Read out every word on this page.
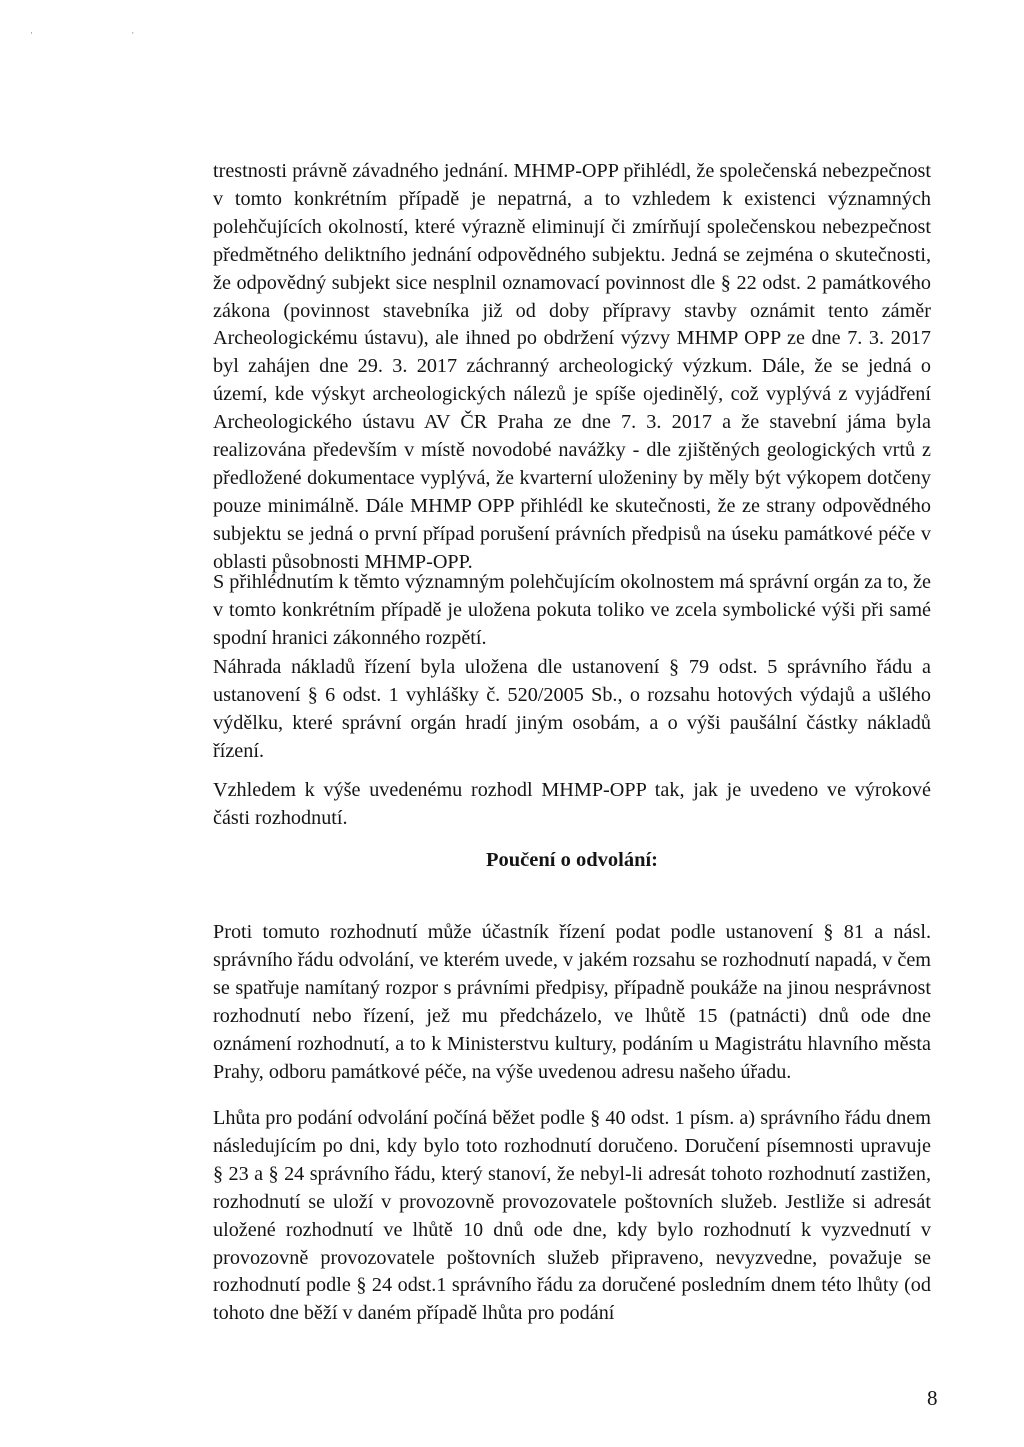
· ·

trestnosti právně závadného jednání. MHMP-OPP přihlédl, že společenská nebezpečnost v tomto konkrétním případě je nepatrná, a to vzhledem k existenci významných polehčujících okolností, které výrazně eliminují či zmírňují společenskou nebezpečnost předmětného deliktního jednání odpovědného subjektu. Jedná se zejména o skutečnosti, že odpovědný subjekt sice nesplnil oznamovací povinnost dle § 22 odst. 2 památkového zákona (povinnost stavebníka již od doby přípravy stavby oznámit tento záměr Archeologickému ústavu), ale ihned po obdržení výzvy MHMP OPP ze dne 7. 3. 2017 byl zahájen dne 29. 3. 2017 záchranný archeologický výzkum. Dále, že se jedná o území, kde výskyt archeologických nálezů je spíše ojedinělý, což vyplývá z vyjádření Archeologického ústavu AV ČR Praha ze dne 7. 3. 2017 a že stavební jáma byla realizována především v místě novodobé navážky - dle zjištěných geologických vrtů z předložené dokumentace vyplývá, že kvarterní uloženiny by měly být výkopem dotčeny pouze minimálně. Dále MHMP OPP přihlédl ke skutečnosti, že ze strany odpovědného subjektu se jedná o první případ porušení právních předpisů na úseku památkové péče v oblasti působnosti MHMP-OPP.

S přihlédnutím k těmto významným polehčujícím okolnostem má správní orgán za to, že v tomto konkrétním případě je uložena pokuta toliko ve zcela symbolické výši při samé spodní hranici zákonného rozpětí.

Náhrada nákladů řízení byla uložena dle ustanovení § 79 odst. 5 správního řádu a ustanovení § 6 odst. 1 vyhlášky č. 520/2005 Sb., o rozsahu hotových výdajů a ušlého výdělku, které správní orgán hradí jiným osobám, a o výši paušální částky nákladů řízení.

Vzhledem k výše uvedenému rozhodl MHMP-OPP tak, jak je uvedeno ve výrokové části rozhodnutí.

Poučení o odvolání:

Proti tomuto rozhodnutí může účastník řízení podat podle ustanovení § 81 a násl. správního řádu odvolání, ve kterém uvede, v jakém rozsahu se rozhodnutí napadá, v čem se spatřuje namítaný rozpor s právními předpisy, případně poukáže na jinou nesprávnost rozhodnutí nebo řízení, jež mu předcházelo, ve lhůtě 15 (patnácti) dnů ode dne oznámení rozhodnutí, a to k Ministerstvu kultury, podáním u Magistrátu hlavního města Prahy, odboru památkové péče, na výše uvedenou adresu našeho úřadu.

Lhůta pro podání odvolání počíná běžet podle § 40 odst. 1 písm. a) správního řádu dnem následujícím po dni, kdy bylo toto rozhodnutí doručeno. Doručení písemnosti upravuje § 23 a § 24 správního řádu, který stanoví, že nebyl-li adresát tohoto rozhodnutí zastižen, rozhodnutí se uloží v provozovně provozovatele poštovních služeb. Jestliže si adresát uložené rozhodnutí ve lhůtě 10 dnů ode dne, kdy bylo rozhodnutí k vyzvednutí v provozovně provozovatele poštovních služeb připraveno, nevyzvedne, považuje se rozhodnutí podle § 24 odst.1 správního řádu za doručené posledním dnem této lhůty (od tohoto dne běží v daném případě lhůta pro podání

8
